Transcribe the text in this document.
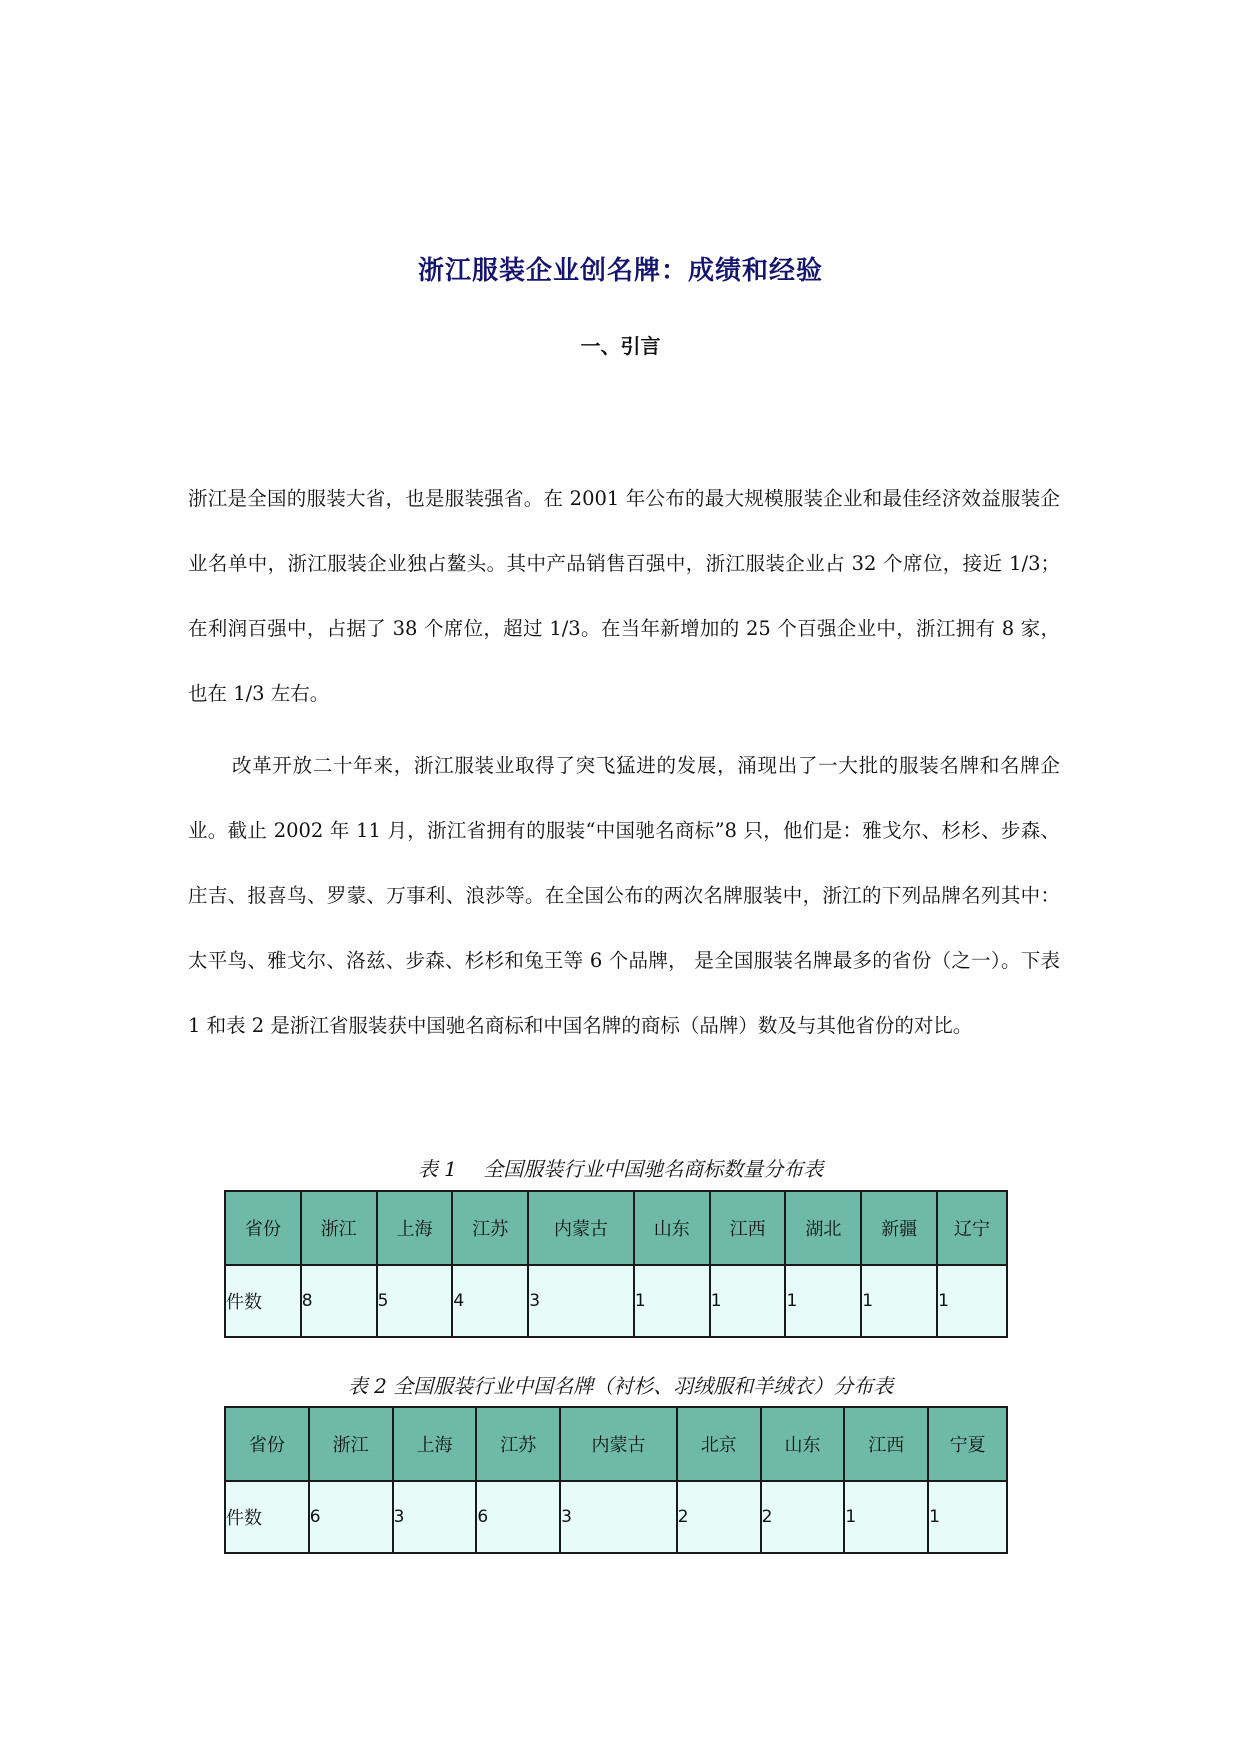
浙江服装企业创名牌：成绩和经验
一、引言

浙江是全国的服装大省，也是服装强省。在 2001 年公布的最大规模服装企业和最佳经济效益服装企业名单中，浙江服装企业独占鳌头。其中产品销售百强中，浙江服装企业占 32 个席位，接近 1/3；在利润百强中，占据了 38 个席位，超过 1/3。在当年新增加的 25 个百强企业中，浙江拥有 8 家，也在 1/3 左右。

改革开放二十年来，浙江服装业取得了突飞猛进的发展，涌现出了一大批的服装名牌和名牌企业。截止 2002 年 11 月，浙江省拥有的服装“中国驰名商标”8 只，他们是：雅戈尔、杉杉、步森、庄吉、报喜鸟、罗蒙、万事利、浪莎等。在全国公布的两次名牌服装中，浙江的下列品牌名列其中：太平鸟、雅戈尔、洛兹、步森、杉杉和兔王等 6 个品牌， 是全国服装名牌最多的省份（之一）。下表 1 和表 2 是浙江省服装获中国驰名商标和中国名牌的商标（品牌）数及与其他省份的对比。

表 1　 全国服装行业中国驰名商标数量分布表
省份	浙江	上海	江苏	内蒙古	山东	江西	湖北	新疆	辽宁
件数	8	5	4	3	1	1	1	1	1
表 2 全国服装行业中国名牌（衬杉、羽绒服和羊绒衣）分布表
省份	浙江	上海	江苏	内蒙古	北京	山东	江西	宁夏
件数	6	3	6	3	2	2	1	1
